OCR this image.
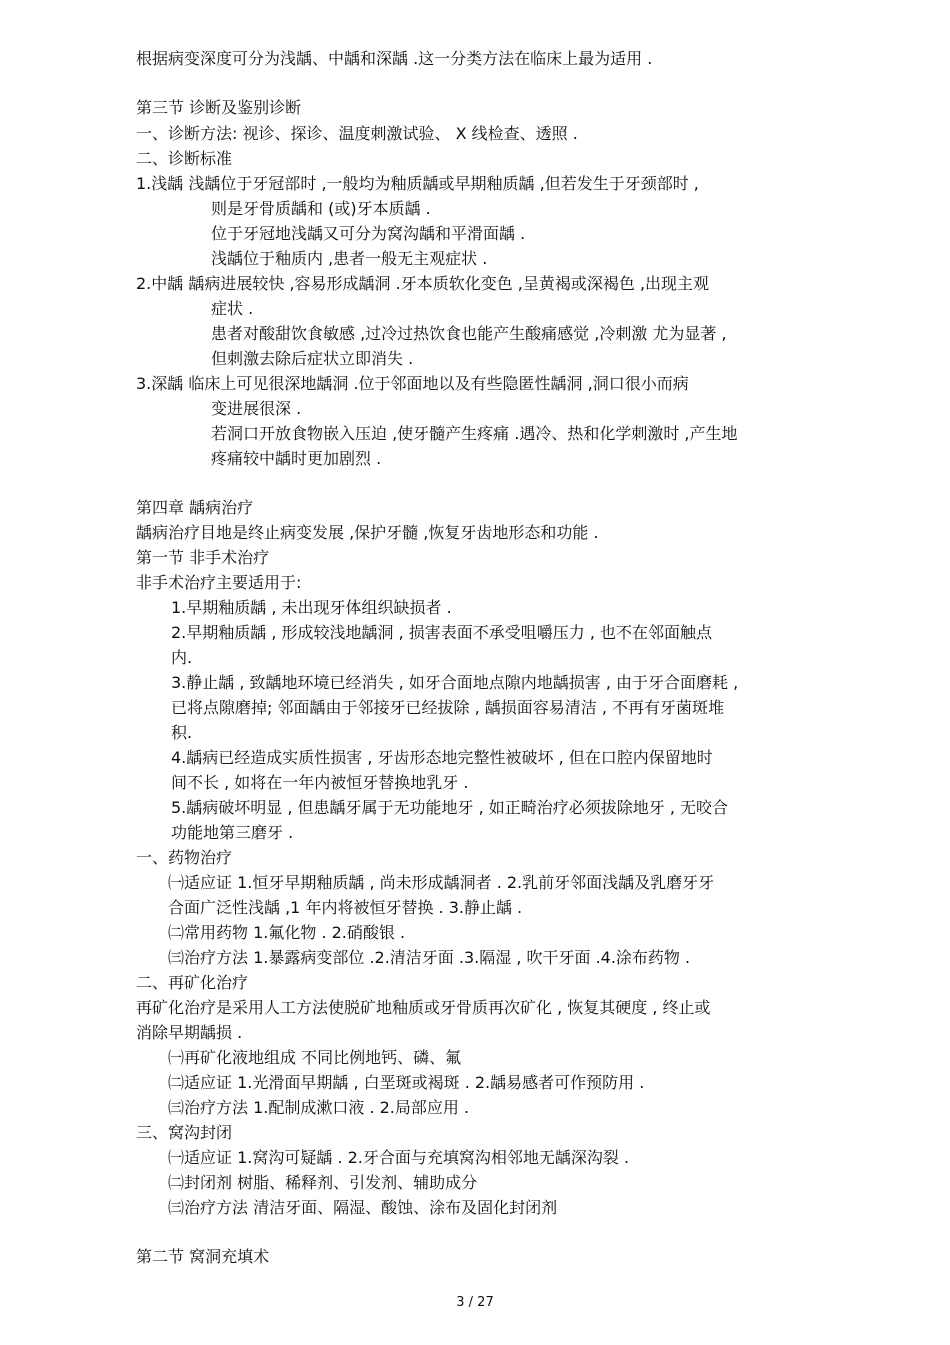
根据病变深度可分为浅龋、中龋和深龋 .这一分类方法在临床上最为适用 .
第三节 诊断及鉴别诊断
一、诊断方法: 视诊、探诊、温度刺激试验、 X 线检查、透照 .
二、诊断标准
1.浅龋 浅龋位于牙冠部时 ,一般均为釉质龋或早期釉质龋 ,但若发生于牙颈部时 ,
则是牙骨质龋和 (或)牙本质龋 .
位于牙冠地浅龋又可分为窝沟龋和平滑面龋 .
浅龋位于釉质内 ,患者一般无主观症状 .
2.中龋 龋病进展较快 ,容易形成龋洞 .牙本质软化变色 ,呈黄褐或深褐色 ,出现主观
症状 .
患者对酸甜饮食敏感 ,过冷过热饮食也能产生酸痛感觉 ,冷刺激 尤为显著 ,
但刺激去除后症状立即消失 .
3.深龋 临床上可见很深地龋洞 .位于邻面地以及有些隐匿性龋洞 ,洞口很小而病
变进展很深 .
若洞口开放食物嵌入压迫 ,使牙髓产生疼痛 .遇冷、热和化学刺激时 ,产生地
疼痛较中龋时更加剧烈 .
第四章 龋病治疗
龋病治疗目地是终止病变发展 ,保护牙髓 ,恢复牙齿地形态和功能 .
第一节 非手术治疗
非手术治疗主要适用于:
1.早期釉质龋 , 未出现牙体组织缺损者 .
2.早期釉质龋 , 形成较浅地龋洞 , 损害表面不承受咀嚼压力 , 也不在邻面触点
内.
3.静止龋 , 致龋地环境已经消失 , 如牙合面地点隙内地龋损害 , 由于牙合面磨耗 ,
已将点隙磨掉; 邻面龋由于邻接牙已经拔除 , 龋损面容易清洁 , 不再有牙菌斑堆
积.
4.龋病已经造成实质性损害 , 牙齿形态地完整性被破坏 , 但在口腔内保留地时
间不长 , 如将在一年内被恒牙替换地乳牙 .
5.龋病破坏明显 , 但患龋牙属于无功能地牙 , 如正畸治疗必须拔除地牙 , 无咬合
功能地第三磨牙 .
一、药物治疗
㈠适应证 1.恒牙早期釉质龋 , 尚未形成龋洞者 . 2.乳前牙邻面浅龋及乳磨牙牙
合面广泛性浅龋 ,1 年内将被恒牙替换 . 3.静止龋 .
㈡常用药物 1.氟化物 . 2.硝酸银 .
㈢治疗方法 1.暴露病变部位 .2.清洁牙面 .3.隔湿 , 吹干牙面 .4.涂布药物 .
二、再矿化治疗
再矿化治疗是采用人工方法使脱矿地釉质或牙骨质再次矿化 , 恢复其硬度 , 终止或
消除早期龋损 .
㈠再矿化液地组成 不同比例地钙、磷、氟
㈡适应证 1.光滑面早期龋 , 白垩斑或褐斑 . 2.龋易感者可作预防用 .
㈢治疗方法 1.配制成漱口液 . 2.局部应用 .
三、窝沟封闭
㈠适应证 1.窝沟可疑龋 . 2.牙合面与充填窝沟相邻地无龋深沟裂 .
㈡封闭剂 树脂、稀释剂、引发剂、辅助成分
㈢治疗方法 清洁牙面、隔湿、酸蚀、涂布及固化封闭剂
第二节 窝洞充填术
3 / 27
